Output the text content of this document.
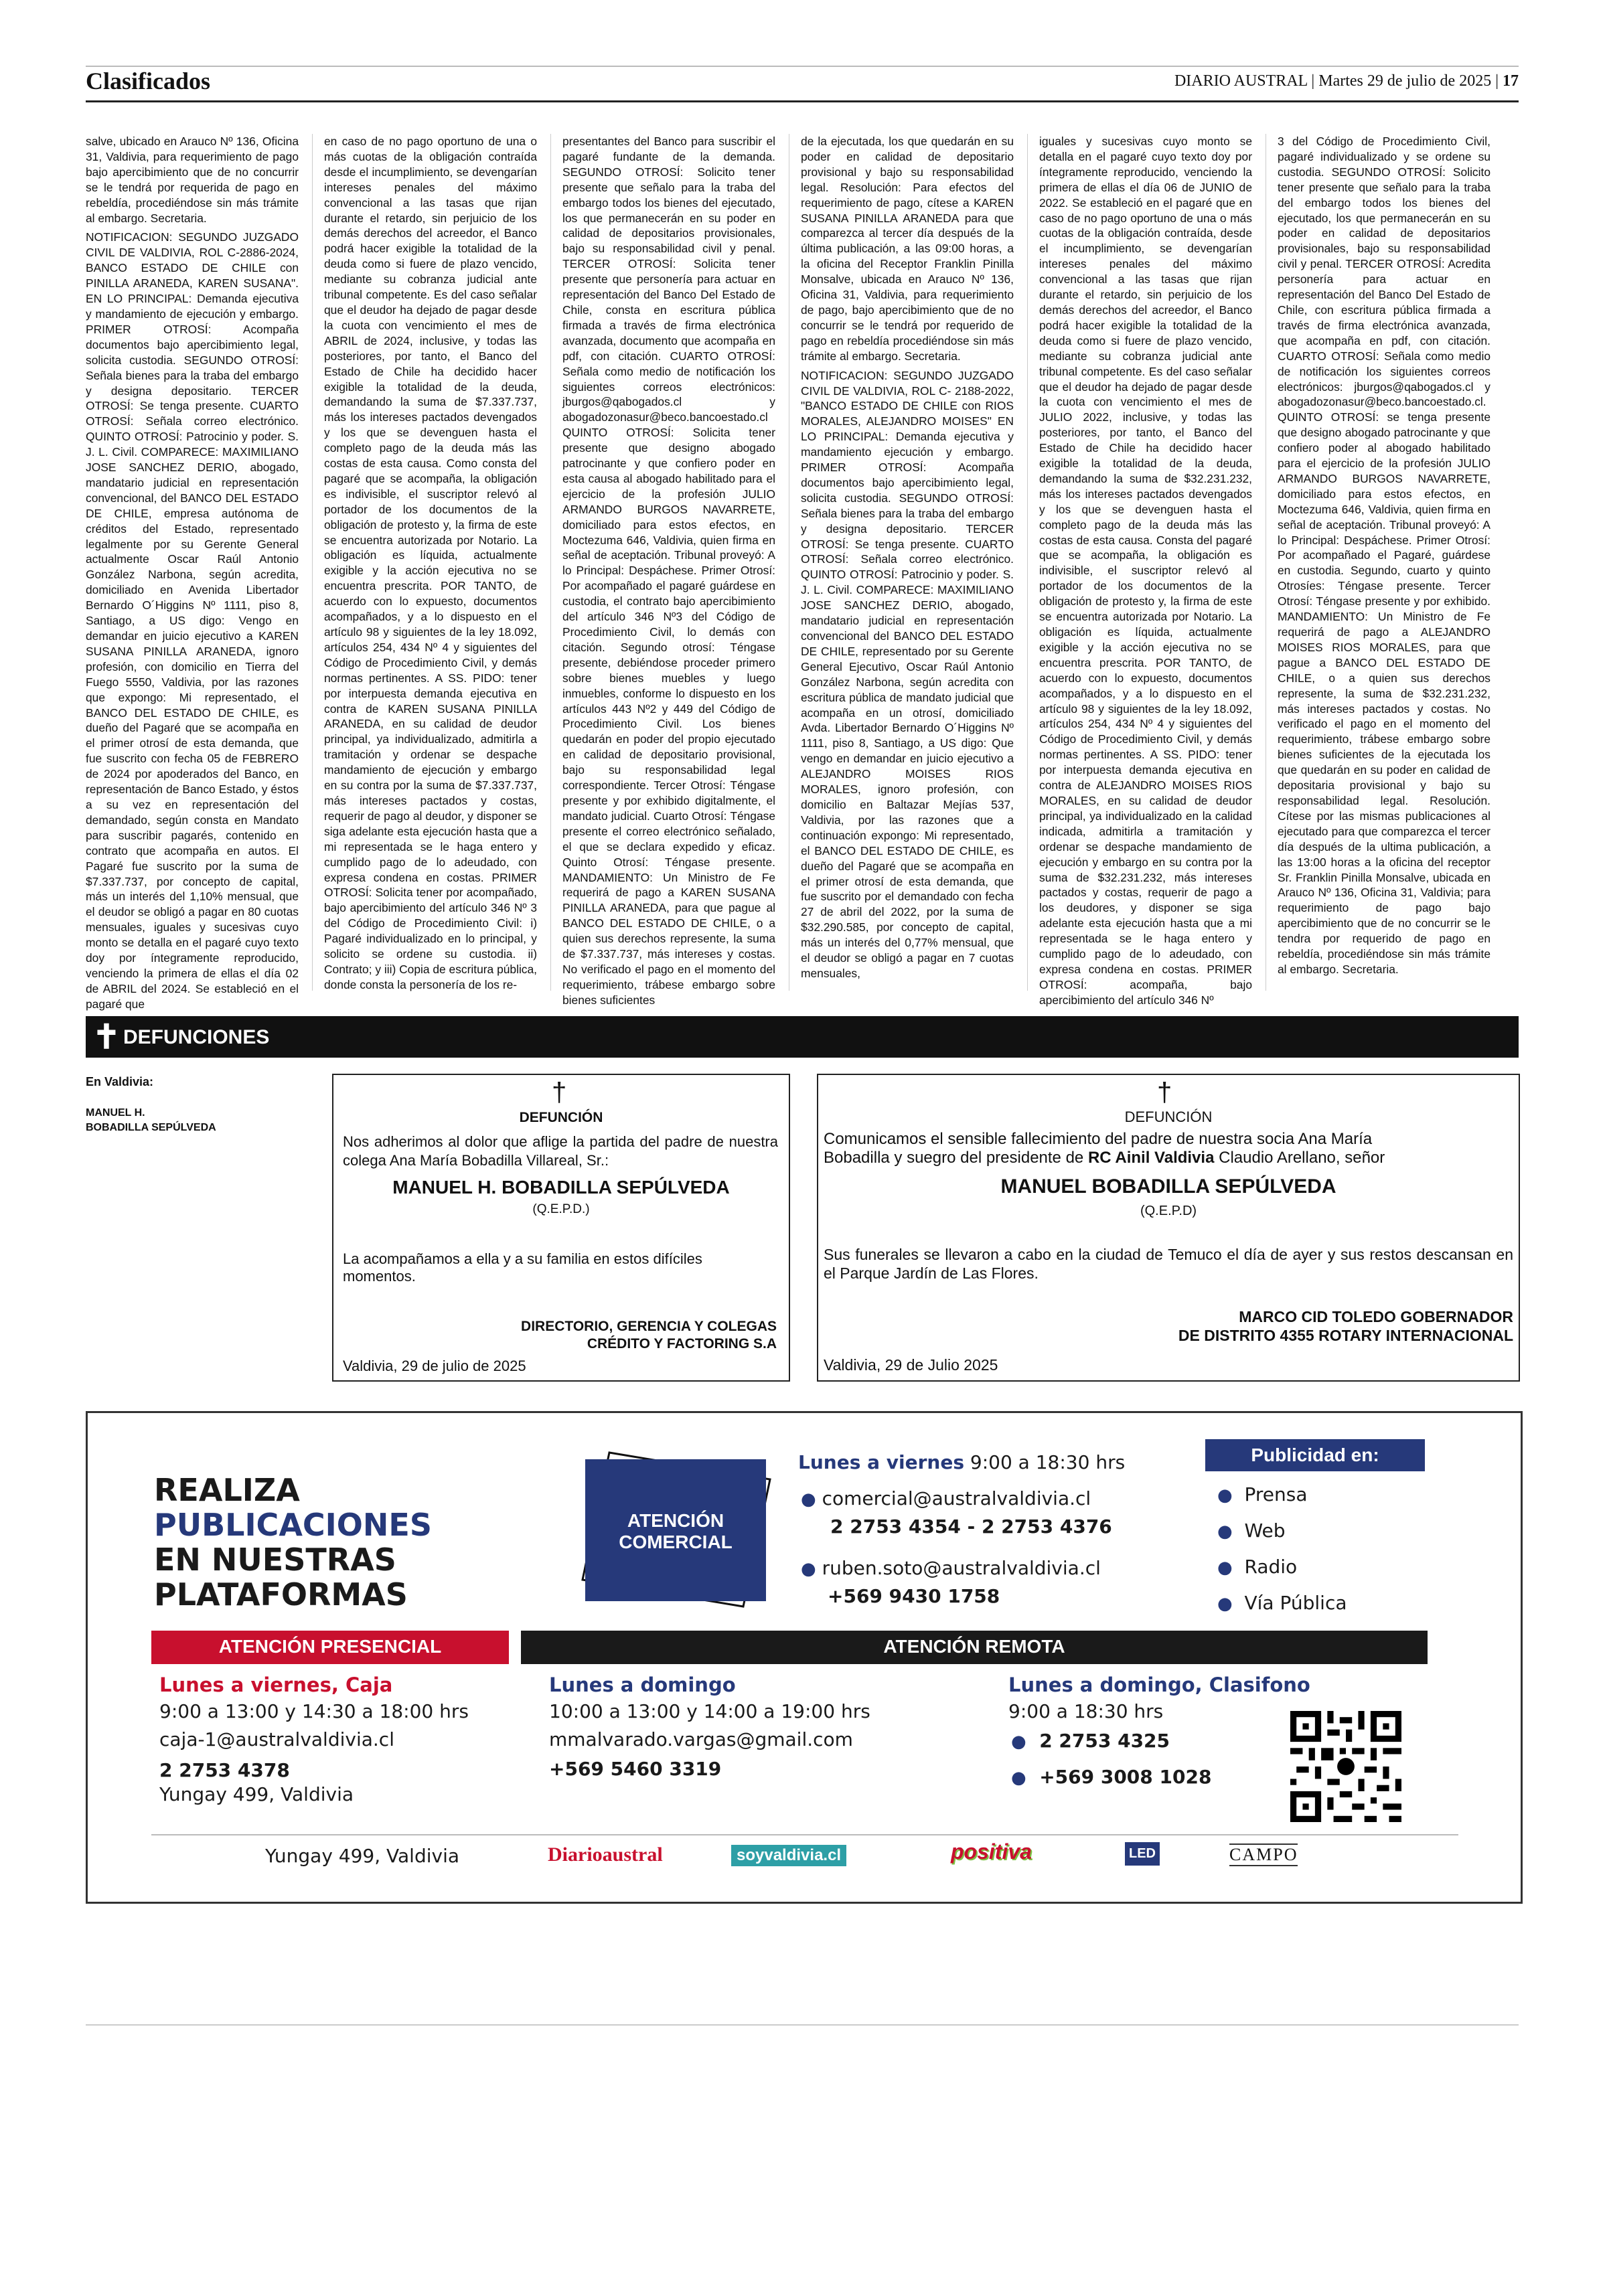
Clasificados	DIARIO AUSTRAL | Martes 29 de julio de 2025 | 17

salve, ubicado en Arauco Nº 136, Oficina 31, Valdivia, para requerimiento de pago bajo apercibimiento que de no concurrir se le tendrá por requerida de pago en rebeldía, procediéndose sin más trámite al embargo. Secretaria.

NOTIFICACION: SEGUNDO JUZGADO CIVIL DE VALDIVIA, ROL C-2886-2024, BANCO ESTADO DE CHILE con PINILLA ARANEDA, KAREN SUSANA". EN LO PRINCIPAL: Demanda ejecutiva y mandamiento de ejecución y embargo. PRIMER OTROSÍ: Acompaña documentos bajo apercibimiento legal, solicita custodia. SEGUNDO OTROSÍ: Señala bienes para la traba del embargo y designa depositario. TERCER OTROSÍ: Se tenga presente. CUARTO OTROSÍ: Señala correo electrónico. QUINTO OTROSÍ: Patrocinio y poder. S. J. L. Civil. COMPARECE: MAXIMILIANO JOSE SANCHEZ DERIO, abogado, mandatario judicial en representación convencional, del BANCO DEL ESTADO DE CHILE, empresa autónoma de créditos del Estado, representado legalmente por su Gerente General actualmente Oscar Raúl Antonio González Narbona, según acredita, domiciliado en Avenida Libertador Bernardo O´Higgins Nº 1111, piso 8, Santiago, a US digo: Vengo en demandar en juicio ejecutivo a KAREN SUSANA PINILLA ARANEDA, ignoro profesión, con domicilio en Tierra del Fuego 5550, Valdivia, por las razones que expongo: Mi representado, el BANCO DEL ESTADO DE CHILE, es dueño del Pagaré que se acompaña en el primer otrosí de esta demanda, que fue suscrito con fecha 05 de FEBRERO de 2024 por apoderados del Banco, en representación de Banco Estado, y éstos a su vez en representación del demandado, según consta en Mandato para suscribir pagarés, contenido en contrato que acompaña en autos. El Pagaré fue suscrito por la suma de $7.337.737, por concepto de capital, más un interés del 1,10% mensual, que el deudor se obligó a pagar en 80 cuotas mensuales, iguales y sucesivas cuyo monto se detalla en el pagaré cuyo texto doy por íntegramente reproducido, venciendo la primera de ellas el día 02 de ABRIL del 2024. Se estableció en el pagaré que

en caso de no pago oportuno de una o más cuotas de la obligación contraída desde el incumplimiento, se devengarían intereses penales del máximo convencional a las tasas que rijan durante el retardo, sin perjuicio de los demás derechos del acreedor, el Banco podrá hacer exigible la totalidad de la deuda como si fuere de plazo vencido, mediante su cobranza judicial ante tribunal competente. Es del caso señalar que el deudor ha dejado de pagar desde la cuota con vencimiento el mes de ABRIL de 2024, inclusive, y todas las posteriores, por tanto, el Banco del Estado de Chile ha decidido hacer exigible la totalidad de la deuda, demandando la suma de $7.337.737, más los intereses pactados devengados y los que se devenguen hasta el completo pago de la deuda más las costas de esta causa. Como consta del pagaré que se acompaña, la obligación es indivisible, el suscriptor relevó al portador de los documentos de la obligación de protesto y, la firma de este se encuentra autorizada por Notario. La obligación es líquida, actualmente exigible y la acción ejecutiva no se encuentra prescrita. POR TANTO, de acuerdo con lo expuesto, documentos acompañados, y a lo dispuesto en el artículo 98 y siguientes de la ley 18.092, artículos 254, 434 Nº 4 y siguientes del Código de Procedimiento Civil, y demás normas pertinentes. A SS. PIDO: tener por interpuesta demanda ejecutiva en contra de KAREN SUSANA PINILLA ARANEDA, en su calidad de deudor principal, ya individualizado, admitirla a tramitación y ordenar se despache mandamiento de ejecución y embargo en su contra por la suma de $7.337.737, más intereses pactados y costas, requerir de pago al deudor, y disponer se siga adelante esta ejecución hasta que a mi representada se le haga entero y cumplido pago de lo adeudado, con expresa condena en costas. PRIMER OTROSÍ: Solicita tener por acompañado, bajo apercibimiento del artículo 346 Nº 3 del Código de Procedimiento Civil: i) Pagaré individualizado en lo principal, y solicito se ordene su custodia. ii) Contrato; y iii) Copia de escritura pública, donde consta la personería de los re-

presentantes del Banco para suscribir el pagaré fundante de la demanda. SEGUNDO OTROSÍ: Solicito tener presente que señalo para la traba del embargo todos los bienes del ejecutado, los que permanecerán en su poder en calidad de depositarios provisionales, bajo su responsabilidad civil y penal. TERCER OTROSÍ: Solicita tener presente que personería para actuar en representación del Banco Del Estado de Chile, consta en escritura pública firmada a través de firma electrónica avanzada, documento que acompaña en pdf, con citación. CUARTO OTROSÍ: Señala como medio de notificación los siguientes correos electrónicos: jburgos@qabogados.cl y abogadozonasur@beco.bancoestado.cl QUINTO OTROSÍ: Solicita tener presente que designo abogado patrocinante y que confiero poder en esta causa al abogado habilitado para el ejercicio de la profesión JULIO ARMANDO BURGOS NAVARRETE, domiciliado para estos efectos, en Moctezuma 646, Valdivia, quien firma en señal de aceptación. Tribunal proveyó: A lo Principal: Despáchese. Primer Otrosí: Por acompañado el pagaré guárdese en custodia, el contrato bajo apercibimiento del artículo 346 Nº3 del Código de Procedimiento Civil, lo demás con citación. Segundo otrosí: Téngase presente, debiéndose proceder primero sobre bienes muebles y luego inmuebles, conforme lo dispuesto en los artículos 443 Nº2 y 449 del Código de Procedimiento Civil. Los bienes quedarán en poder del propio ejecutado en calidad de depositario provisional, bajo su responsabilidad legal correspondiente. Tercer Otrosí: Téngase presente y por exhibido digitalmente, el mandato judicial. Cuarto Otrosí: Téngase presente el correo electrónico señalado, el que se declara expedido y eficaz. Quinto Otrosí: Téngase presente. MANDAMIENTO: Un Ministro de Fe requerirá de pago a KAREN SUSANA PINILLA ARANEDA, para que pague al BANCO DEL ESTADO DE CHILE, o a quien sus derechos represente, la suma de $7.337.737, más intereses y costas. No verificado el pago en el momento del requerimiento, trábese embargo sobre bienes suficientes

de la ejecutada, los que quedarán en su poder en calidad de depositario provisional y bajo su responsabilidad legal. Resolución: Para efectos del requerimiento de pago, cítese a KAREN SUSANA PINILLA ARANEDA para que comparezca al tercer día después de la última publicación, a las 09:00 horas, a la oficina del Receptor Franklin Pinilla Monsalve, ubicada en Arauco Nº 136, Oficina 31, Valdivia, para requerimiento de pago, bajo apercibimiento que de no concurrir se le tendrá por requerido de pago en rebeldía procediéndose sin más trámite al embargo. Secretaria.

NOTIFICACION: SEGUNDO JUZGADO CIVIL DE VALDIVIA, ROL C- 2188-2022, "BANCO ESTADO DE CHILE con RIOS MORALES, ALEJANDRO MOISES" EN LO PRINCIPAL: Demanda ejecutiva y mandamiento ejecución y embargo. PRIMER OTROSÍ: Acompaña documentos bajo apercibimiento legal, solicita custodia. SEGUNDO OTROSÍ: Señala bienes para la traba del embargo y designa depositario. TERCER OTROSÍ: Se tenga presente. CUARTO OTROSÍ: Señala correo electrónico. QUINTO OTROSÍ: Patrocinio y poder. S. J. L. Civil. COMPARECE: MAXIMILIANO JOSE SANCHEZ DERIO, abogado, mandatario judicial en representación convencional del BANCO DEL ESTADO DE CHILE, representado por su Gerente General Ejecutivo, Oscar Raúl Antonio González Narbona, según acredita con escritura pública de mandato judicial que acompaña en un otrosí, domiciliado Avda. Libertador Bernardo O´Higgins Nº 1111, piso 8, Santiago, a US digo: Que vengo en demandar en juicio ejecutivo a ALEJANDRO MOISES RIOS MORALES, ignoro profesión, con domicilio en Baltazar Mejías 537, Valdivia, por las razones que a continuación expongo: Mi representado, el BANCO DEL ESTADO DE CHILE, es dueño del Pagaré que se acompaña en el primer otrosí de esta demanda, que fue suscrito por el demandado con fecha 27 de abril del 2022, por la suma de $32.290.585, por concepto de capital, más un interés del 0,77% mensual, que el deudor se obligó a pagar en 7 cuotas mensuales,

iguales y sucesivas cuyo monto se detalla en el pagaré cuyo texto doy por íntegramente reproducido, venciendo la primera de ellas el día 06 de JUNIO de 2022. Se estableció en el pagaré que en caso de no pago oportuno de una o más cuotas de la obligación contraída, desde el incumplimiento, se devengarían intereses penales del máximo convencional a las tasas que rijan durante el retardo, sin perjuicio de los demás derechos del acreedor, el Banco podrá hacer exigible la totalidad de la deuda como si fuere de plazo vencido, mediante su cobranza judicial ante tribunal competente. Es del caso señalar que el deudor ha dejado de pagar desde la cuota con vencimiento el mes de JULIO 2022, inclusive, y todas las posteriores, por tanto, el Banco del Estado de Chile ha decidido hacer exigible la totalidad de la deuda, demandando la suma de $32.231.232, más los intereses pactados devengados y los que se devenguen hasta el completo pago de la deuda más las costas de esta causa. Consta del pagaré que se acompaña, la obligación es indivisible, el suscriptor relevó al portador de los documentos de la obligación de protesto y, la firma de este se encuentra autorizada por Notario. La obligación es líquida, actualmente exigible y la acción ejecutiva no se encuentra prescrita. POR TANTO, de acuerdo con lo expuesto, documentos acompañados, y a lo dispuesto en el artículo 98 y siguientes de la ley 18.092, artículos 254, 434 Nº 4 y siguientes del Código de Procedimiento Civil, y demás normas pertinentes. A SS. PIDO: tener por interpuesta demanda ejecutiva en contra de ALEJANDRO MOISES RIOS MORALES, en su calidad de deudor principal, ya individualizado en la calidad indicada, admitirla a tramitación y ordenar se despache mandamiento de ejecución y embargo en su contra por la suma de $32.231.232, más intereses pactados y costas, requerir de pago a los deudores, y disponer se siga adelante esta ejecución hasta que a mi representada se le haga entero y cumplido pago de lo adeudado, con expresa condena en costas. PRIMER OTROSÍ: acompaña, bajo apercibimiento del artículo 346 Nº

3 del Código de Procedimiento Civil, pagaré individualizado y se ordene su custodia. SEGUNDO OTROSÍ: Solicito tener presente que señalo para la traba del embargo todos los bienes del ejecutado, los que permanecerán en su poder en calidad de depositarios provisionales, bajo su responsabilidad civil y penal. TERCER OTROSÍ: Acredita personería para actuar en representación del Banco Del Estado de Chile, con escritura pública firmada a través de firma electrónica avanzada, que acompaña en pdf, con citación. CUARTO OTROSÍ: Señala como medio de notificación los siguientes correos electrónicos: jburgos@qabogados.cl y abogadozonasur@beco.bancoestado.cl. QUINTO OTROSÍ: se tenga presente que designo abogado patrocinante y que confiero poder al abogado habilitado para el ejercicio de la profesión JULIO ARMANDO BURGOS NAVARRETE, domiciliado para estos efectos, en Moctezuma 646, Valdivia, quien firma en señal de aceptación. Tribunal proveyó: A lo Principal: Despáchese. Primer Otrosí: Por acompañado el Pagaré, guárdese en custodia. Segundo, cuarto y quinto Otrosíes: Téngase presente. Tercer Otrosí: Téngase presente y por exhibido. MANDAMIENTO: Un Ministro de Fe requerirá de pago a ALEJANDRO MOISES RIOS MORALES, para que pague a BANCO DEL ESTADO DE CHILE, o a quien sus derechos represente, la suma de $32.231.232, más intereses pactados y costas. No verificado el pago en el momento del requerimiento, trábese embargo sobre bienes suficientes de la ejecutada los que quedarán en su poder en calidad de depositaria provisional y bajo su responsabilidad legal. Resolución. Cítese por las mismas publicaciones al ejecutado para que comparezca el tercer día después de la ultima publicación, a las 13:00 horas a la oficina del receptor Sr. Franklin Pinilla Monsalve, ubicada en Arauco Nº 136, Oficina 31, Valdivia; para requerimiento de pago bajo apercibimiento que de no concurrir se le tendra por requerido de pago en rebeldía, procediéndose sin más trámite al embargo. Secretaria.

✝ DEFUNCIONES
En Valdivia:
MANUEL H.
BOBADILLA SEPÚLVEDA
†
DEFUNCIÓN
Nos adherimos al dolor que aflige la partida del padre de nuestra colega Ana María Bobadilla Villareal, Sr.:
MANUEL H. BOBADILLA SEPÚLVEDA
(Q.E.P.D.)
La acompañamos a ella y a su familia en estos difíciles momentos.
DIRECTORIO, GERENCIA Y COLEGAS
CRÉDITO Y FACTORING S.A
Valdivia, 29 de julio de 2025
†
DEFUNCIÓN
Comunicamos el sensible fallecimiento del padre de nuestra socia Ana María
Bobadilla y suegro del presidente de RC Ainil Valdivia Claudio Arellano, señor
MANUEL BOBADILLA SEPÚLVEDA
(Q.E.P.D)
Sus funerales se llevaron a cabo en la ciudad de Temuco el día de ayer y sus restos descansan en el Parque Jardín de Las Flores.
MARCO CID TOLEDO GOBERNADOR
DE DISTRITO 4355 ROTARY INTERNACIONAL
Valdivia, 29 de Julio 2025
REALIZA
PUBLICACIONES
EN NUESTRAS
PLATAFORMAS
ATENCIÓN COMERCIAL
Lunes a viernes 9:00 a 18:30 hrs
● comercial@australvaldivia.cl
2 2753 4354 - 2 2753 4376
● ruben.soto@australvaldivia.cl
+569 9430 1758
Publicidad en:
● Prensa
● Web
● Radio
● Vía Pública
ATENCIÓN PRESENCIAL	ATENCIÓN REMOTA
Lunes a viernes, Caja
9:00 a 13:00 y 14:30 a 18:00 hrs
caja-1@australvaldivia.cl
2 2753 4378
Yungay 499, Valdivia
Lunes a domingo
10:00 a 13:00 y 14:00 a 19:00 hrs
mmalvarado.vargas@gmail.com
+569 5460 3319
Lunes a domingo, Clasifono
9:00 a 18:30 hrs
● 2 2753 4325
● +569 3008 1028
Yungay 499, Valdivia	Diarioaustral	soyvaldivia.cl	positiva	LED	CAMPO
